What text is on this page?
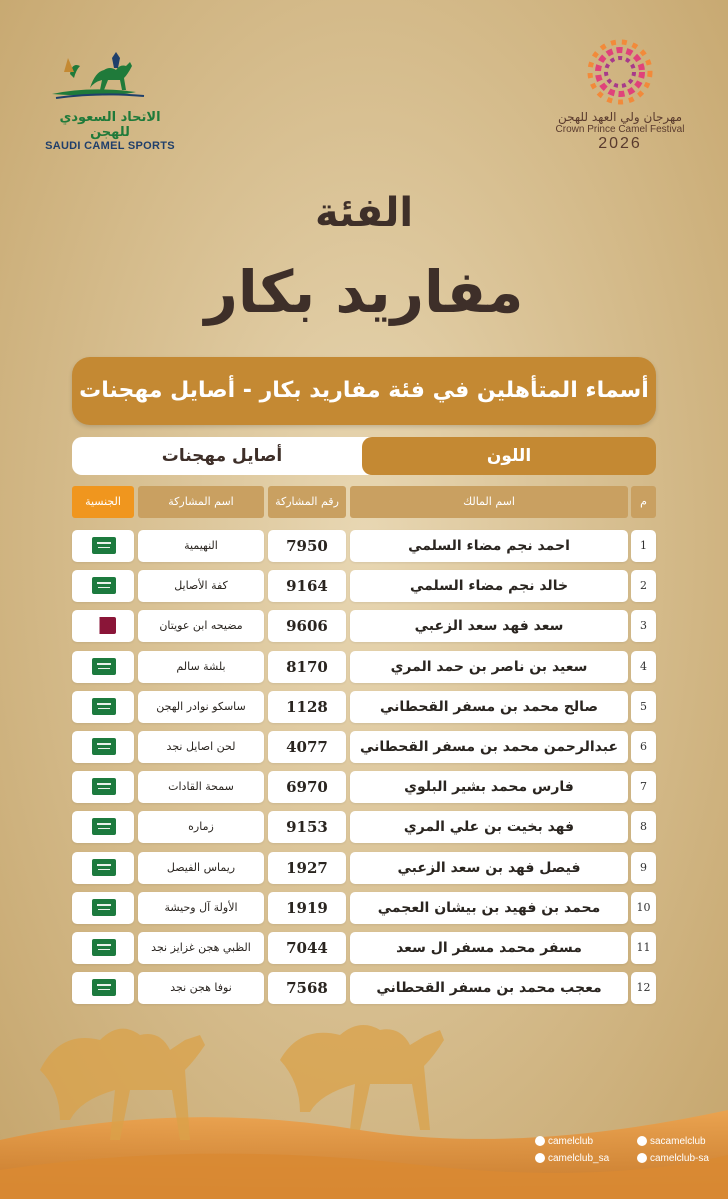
الاتحاد السعودي للهجن
SAUDI CAMEL SPORTS
مهرجان ولي العهد للهجن
Crown Prince Camel Festival
2026
الفئة
مفاريد بكار
أسماء المتأهلين في فئة مفاريد بكار - أصايل مهجنات
أصايل مهجنات	اللون
م
اسم المالك
رقم المشاركة
اسم المشاركة
الجنسية
1
احمد نجم مضاء السلمي
7950
النهيمية
2
خالد نجم مضاء السلمي
9164
كفة الأصايل
3
سعد فهد سعد الزعبي
9606
مضيحه ابن عويتان
4
سعيد بن ناصر بن حمد المري
8170
بلشة سالم
5
صالح محمد بن مسفر القحطاني
1128
ساسكو نوادر الهجن
6
عبدالرحمن محمد بن مسفر القحطاني
4077
لحن اصايل نجد
7
فارس محمد بشير البلوي
6970
سمحة القادات
8
فهد بخيت بن علي المري
9153
زماره
9
فيصل فهد بن سعد الزعبي
1927
ريماس الفيصل
10
محمد بن فهيد بن بيشان العجمي
1919
الأولة آل وحيشة
11
مسفر محمد مسفر ال سعد
7044
الظبي هجن غزايز نجد
12
معجب محمد بن مسفر القحطاني
7568
نوفا هجن نجد
camelclub
camelclub_sa
sacamelclub
camelclub-sa
